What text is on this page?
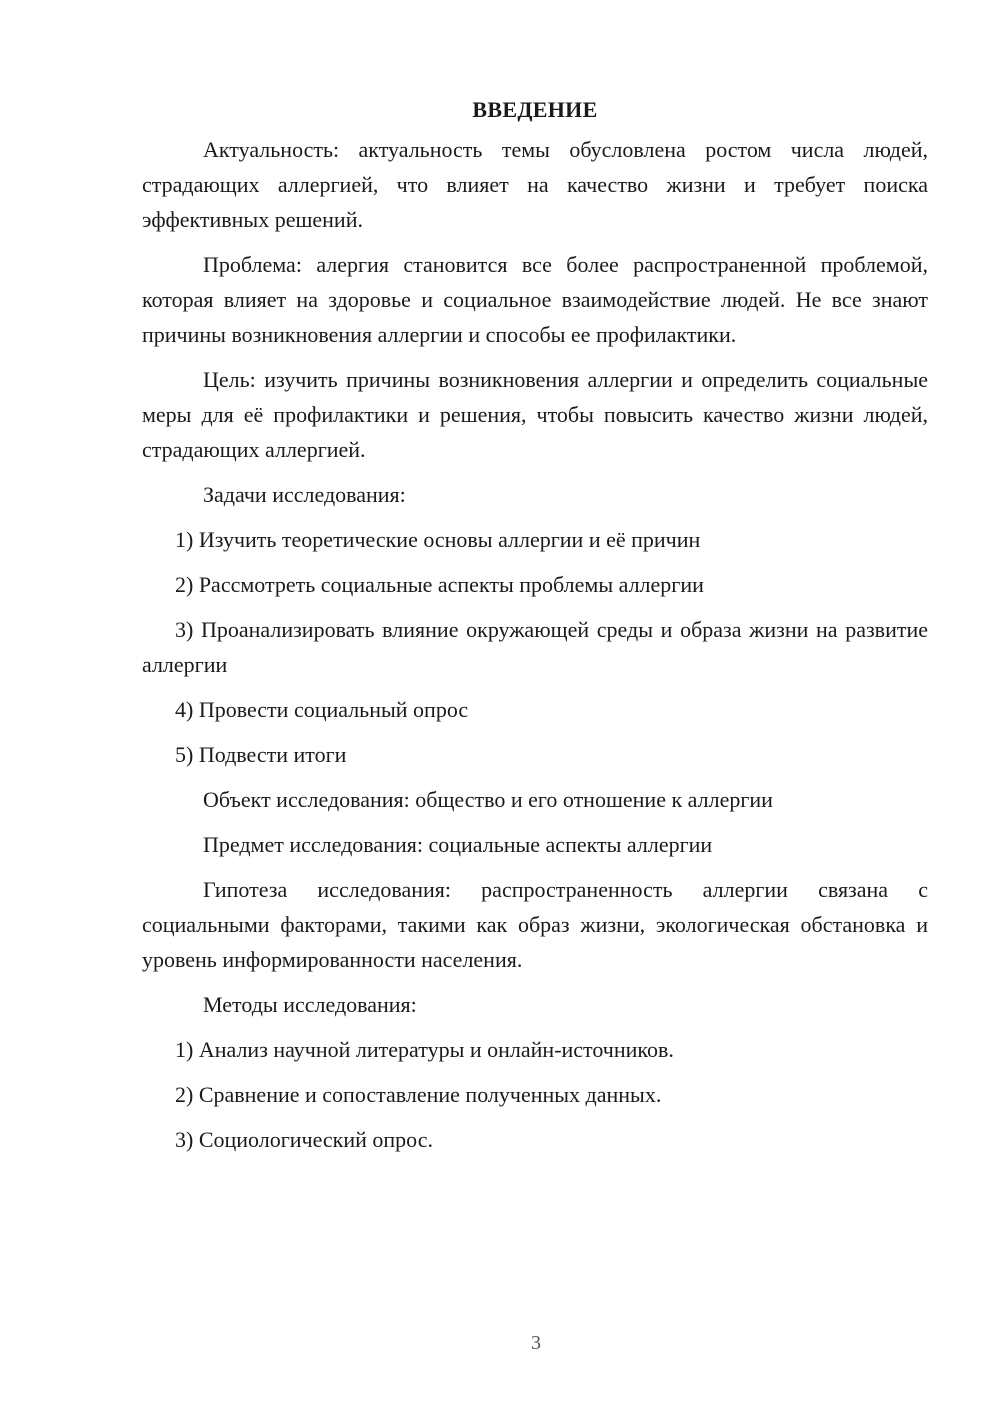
ВВЕДЕНИЕ

Актуальность: актуальность темы обусловлена ростом числа людей, страдающих аллергией, что влияет на качество жизни и требует поиска эффективных решений.

Проблема: алергия становится все более распространенной проблемой, которая влияет на здоровье и социальное взаимодействие людей. Не все знают причины возникновения аллергии и способы ее профилактики.

Цель: изучить причины возникновения аллергии и определить социальные меры для её профилактики и решения, чтобы повысить качество жизни людей, страдающих аллергией.

Задачи исследования:

1) Изучить теоретические основы аллергии и её причин

2) Рассмотреть социальные аспекты проблемы аллергии

3) Проанализировать влияние окружающей среды и образа жизни на развитие аллергии

4) Провести социальный опрос

5) Подвести итоги

Объект исследования: общество и его отношение к аллергии

Предмет исследования: социальные аспекты аллергии

Гипотеза исследования: распространенность аллергии связана с социальными факторами, такими как образ жизни, экологическая обстановка и уровень информированности населения.

Методы исследования:

1) Анализ научной литературы и онлайн-источников.

2) Сравнение и сопоставление полученных данных.

3) Социологический опрос.

3
